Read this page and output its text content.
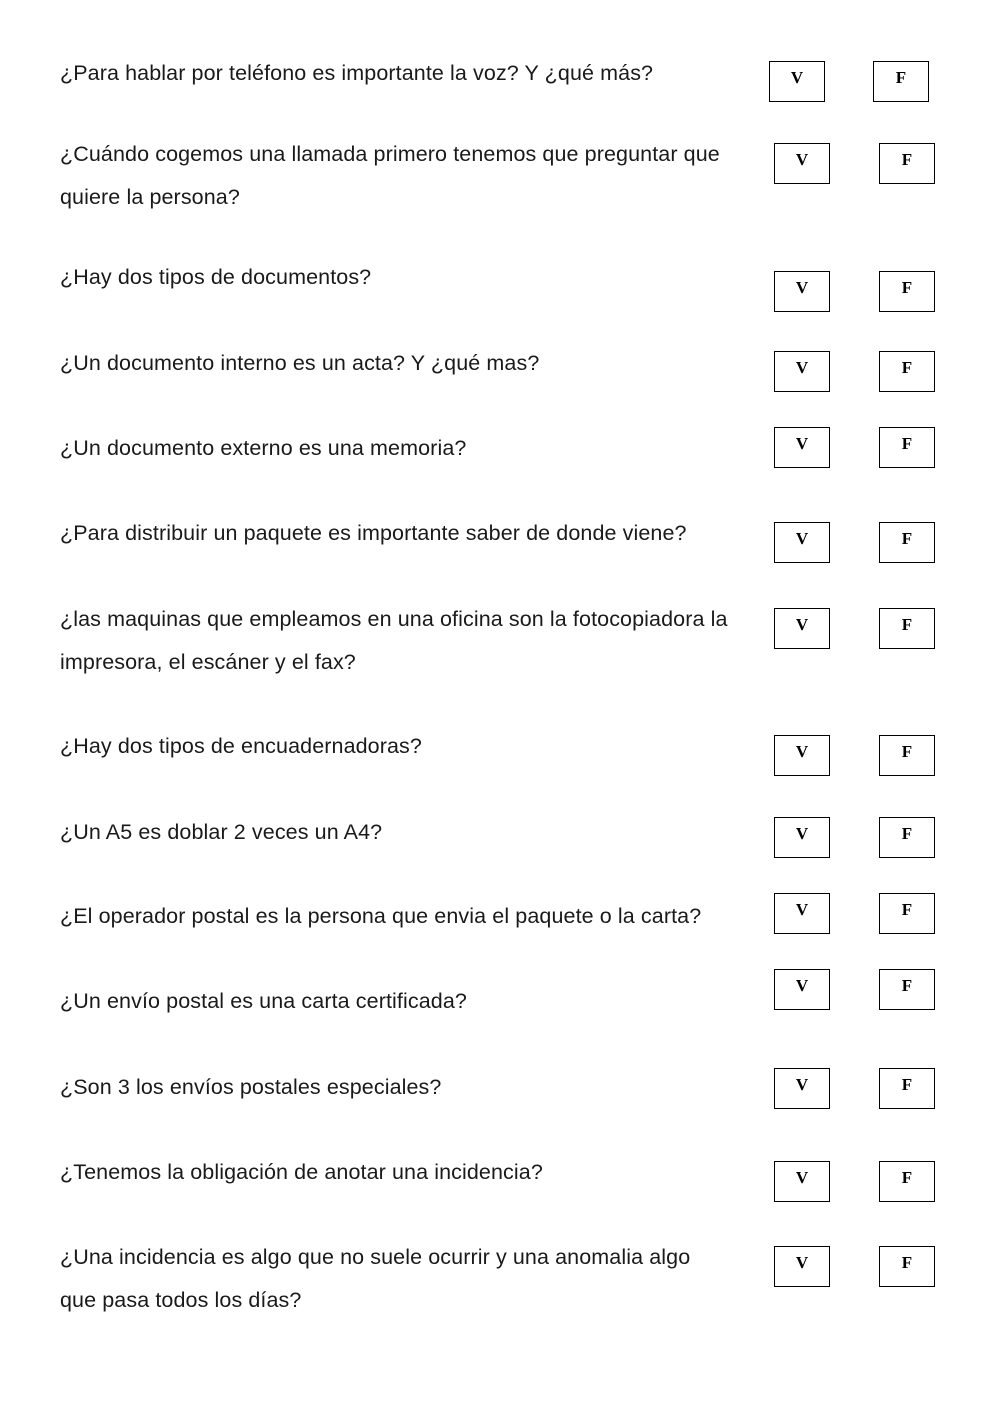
¿Para hablar por teléfono es importante la voz? Y ¿qué más?	V	F
¿Cuándo cogemos una llamada primero tenemos que preguntar que quiere la persona?
V	F
¿Hay dos tipos de documentos?	V	F
¿Un documento interno es un acta? Y ¿qué mas?	V	F
¿Un documento externo es una memoria?	V	F
¿Para distribuir un paquete es importante saber de donde viene?	V	F
¿las maquinas que empleamos en una oficina son la fotocopiadora la impresora, el escáner y el fax?
V	F
¿Hay dos tipos de encuadernadoras?	V	F
¿Un A5 es doblar 2 veces un A4?	V	F
¿El operador postal es la persona que envia el paquete o la carta?	V	F
¿Un envío postal es una carta certificada?
V	F
¿Son 3 los envíos postales especiales?	V	F
¿Tenemos la obligación de anotar una incidencia?	V	F
¿Una incidencia es algo que no suele ocurrir y una anomalia algo que pasa todos los días?
V	F
